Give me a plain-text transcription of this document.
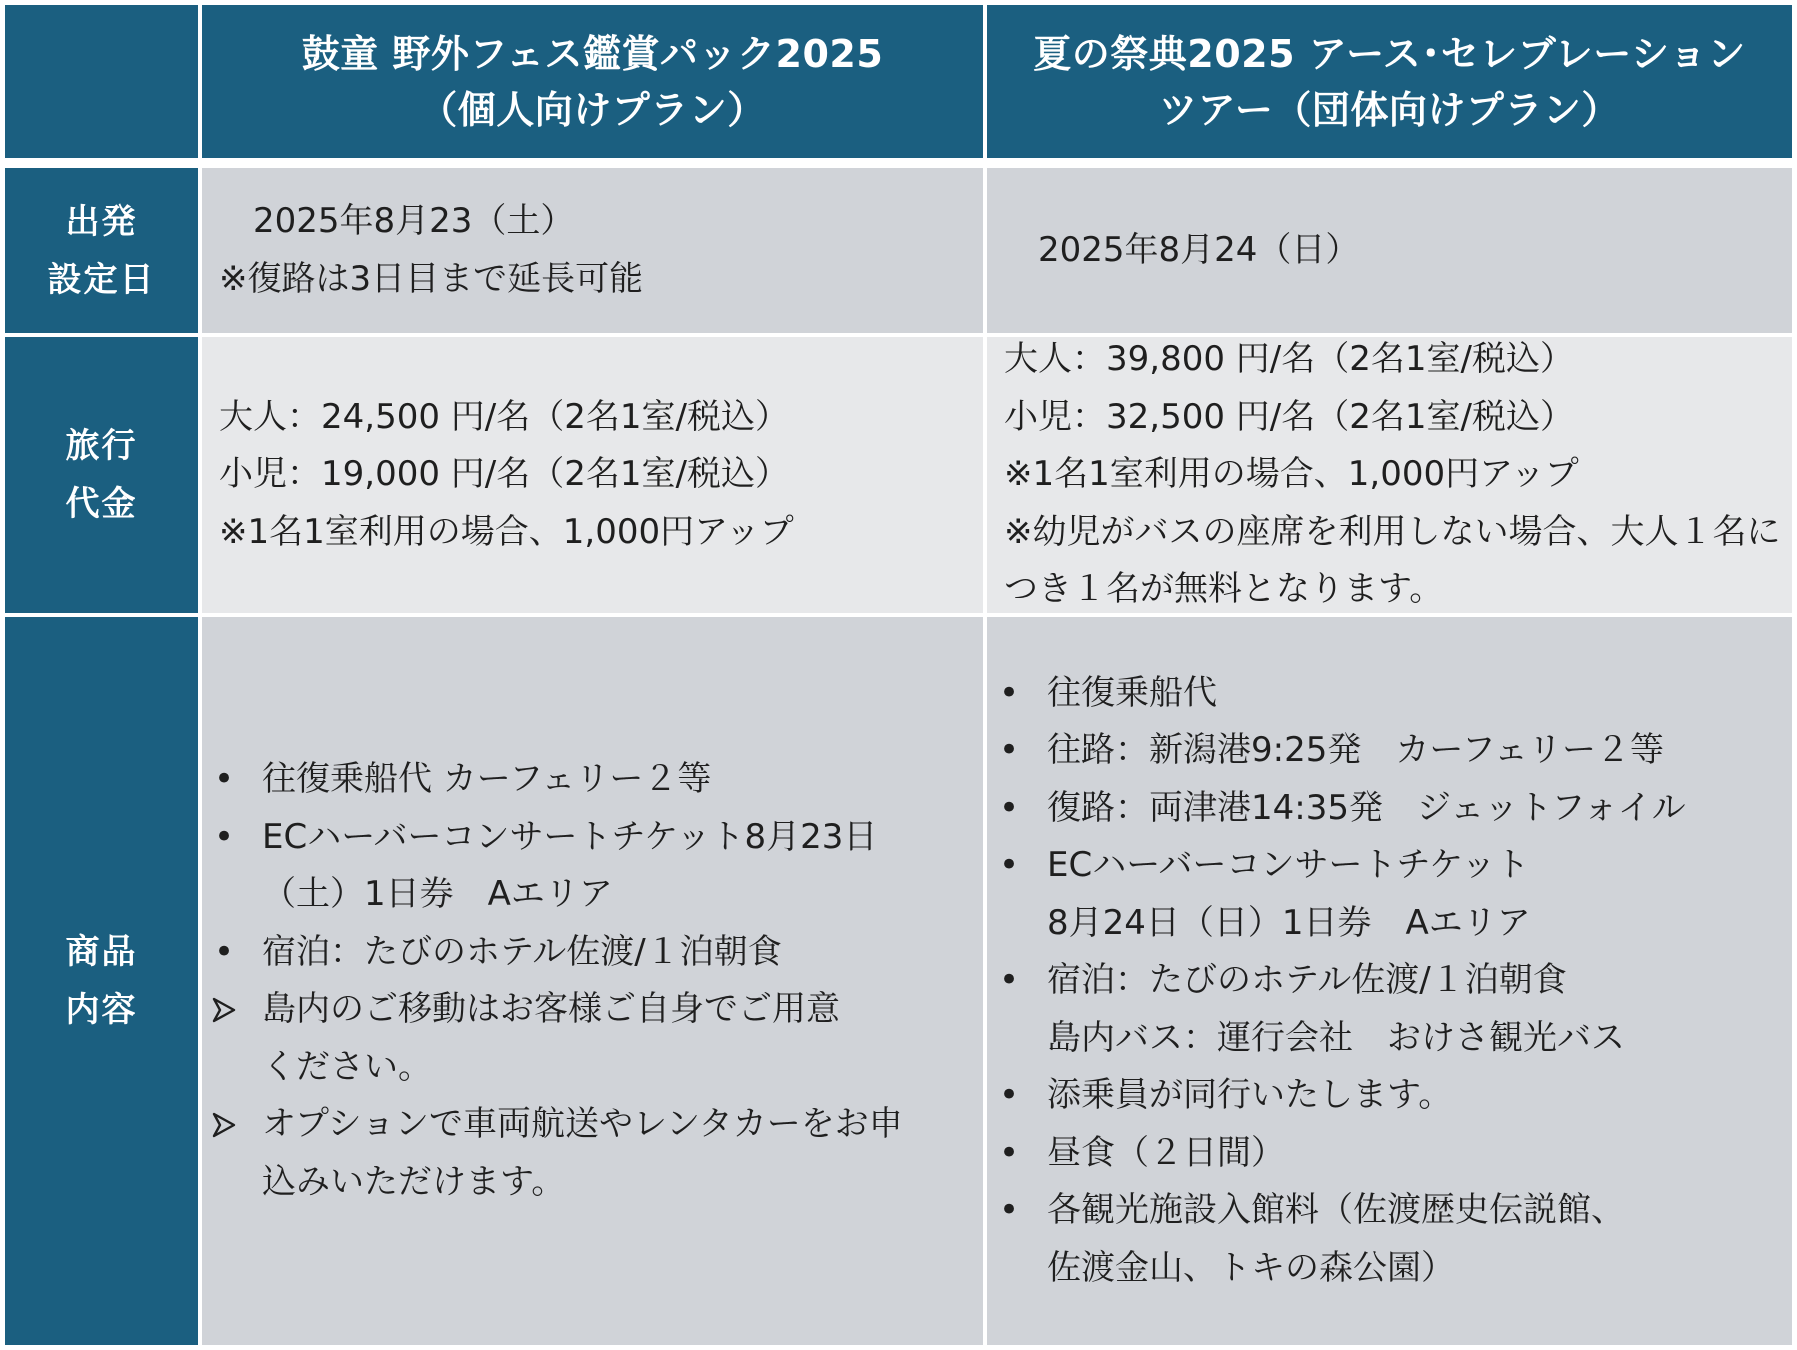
鼓童 野外フェス鑑賞パック2025
（個人向けプラン）
夏の祭典2025 アース･セレブレーション
ツアー（団体向けプラン）
出発
設定日
　2025年8月23（土）
※復路は3日目まで延長可能
　2025年8月24（日）
旅行
代金
大人：24,500 円/名（2名1室/税込）
小児：19,000 円/名（2名1室/税込）
※1名1室利用の場合、1,000円アップ
大人：39,800 円/名（2名1室/税込）
小児：32,500 円/名（2名1室/税込）
※1名1室利用の場合、1,000円アップ
※幼児がバスの座席を利用しない場合、大人１名に
つき１名が無料となります。
商品
内容
• 往復乗船代 カーフェリー２等
• ECハーバーコンサートチケット8月23日
（土）1日券　Aエリア
• 宿泊：たびのホテル佐渡/１泊朝食
島内のご移動はお客様ご自身でご用意
ください。
オプションで車両航送やレンタカーをお申
込みいただけます。
• 往復乗船代
• 往路：新潟港9:25発　カーフェリー２等
• 復路：両津港14:35発　ジェットフォイル
• ECハーバーコンサートチケット
8月24日（日）1日券　Aエリア
• 宿泊：たびのホテル佐渡/１泊朝食
島内バス：運行会社　おけさ観光バス
• 添乗員が同行いたします。
• 昼食（２日間）
• 各観光施設入館料（佐渡歴史伝説館、
佐渡金山、トキの森公園）
